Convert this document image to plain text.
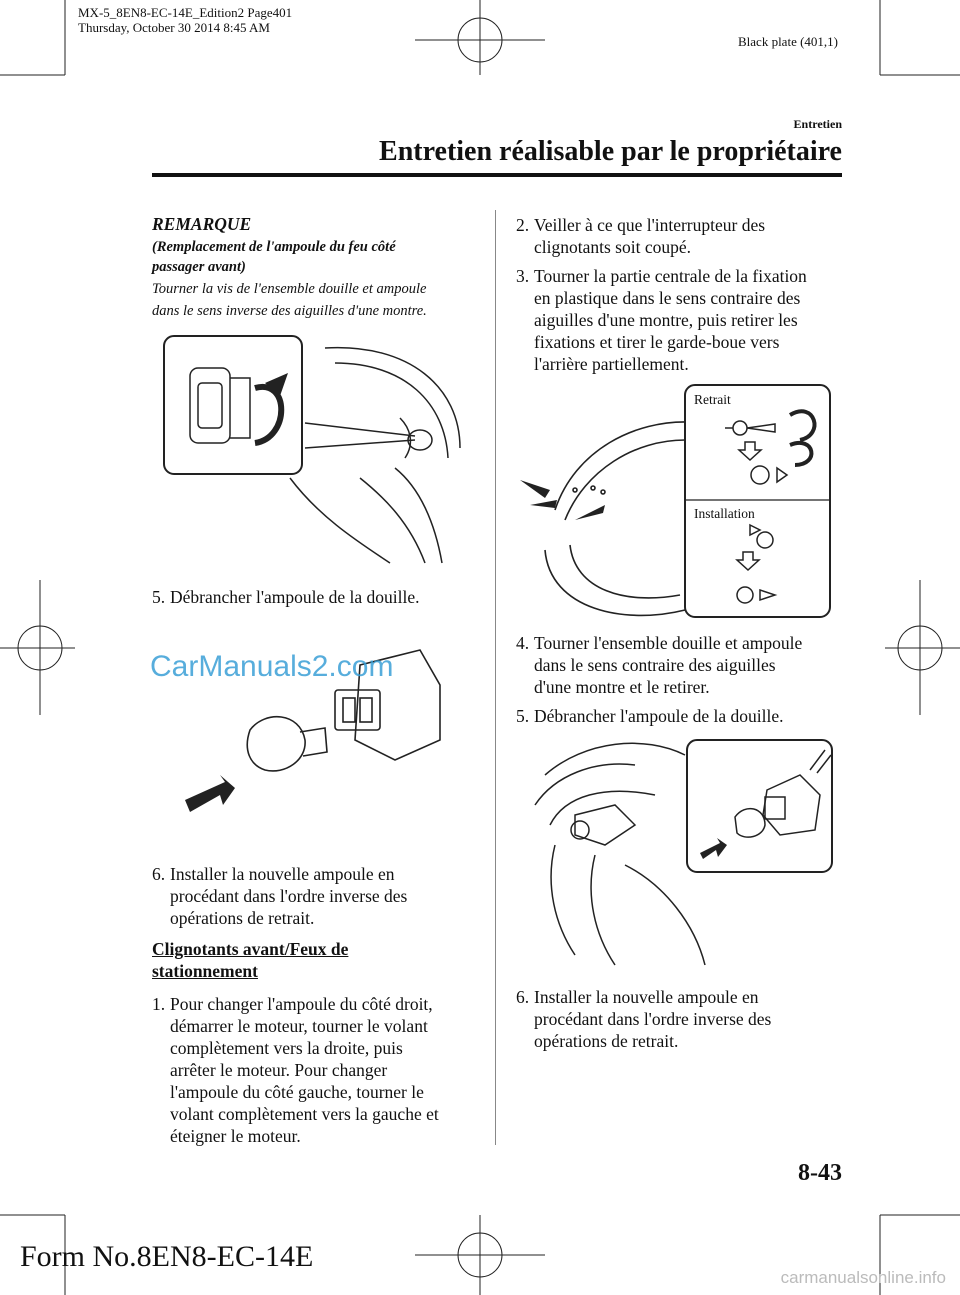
MX-5_8EN8-EC-14E_Edition2 Page401
Thursday, October 30 2014 8:45 AM
Black plate (401,1)
Entretien
Entretien réalisable par le propriétaire
REMARQUE
(Remplacement de l'ampoule du feu côté
passager avant)
Tourner la vis de l'ensemble douille et ampoule
dans le sens inverse des aiguilles d'une montre.
5. Débrancher l'ampoule de la douille.
CarManuals2.com
6. Installer la nouvelle ampoule en
procédant dans l'ordre inverse des
opérations de retrait.
Clignotants avant/Feux de
stationnement
1. Pour changer l'ampoule du côté droit,
démarrer le moteur, tourner le volant
complètement vers la droite, puis
arrêter le moteur. Pour changer
l'ampoule du côté gauche, tourner le
volant complètement vers la gauche et
éteigner le moteur.
2. Veiller à ce que l'interrupteur des
clignotants soit coupé.
3. Tourner la partie centrale de la fixation
en plastique dans le sens contraire des
aiguilles d'une montre, puis retirer les
fixations et tirer le garde-boue vers
l'arrière partiellement.
Retrait
Installation
4. Tourner l'ensemble douille et ampoule
dans le sens contraire des aiguilles
d'une montre et le retirer.
5. Débrancher l'ampoule de la douille.
6. Installer la nouvelle ampoule en
procédant dans l'ordre inverse des
opérations de retrait.
8-43
Form No.8EN8-EC-14E
carmanualsonline.info
